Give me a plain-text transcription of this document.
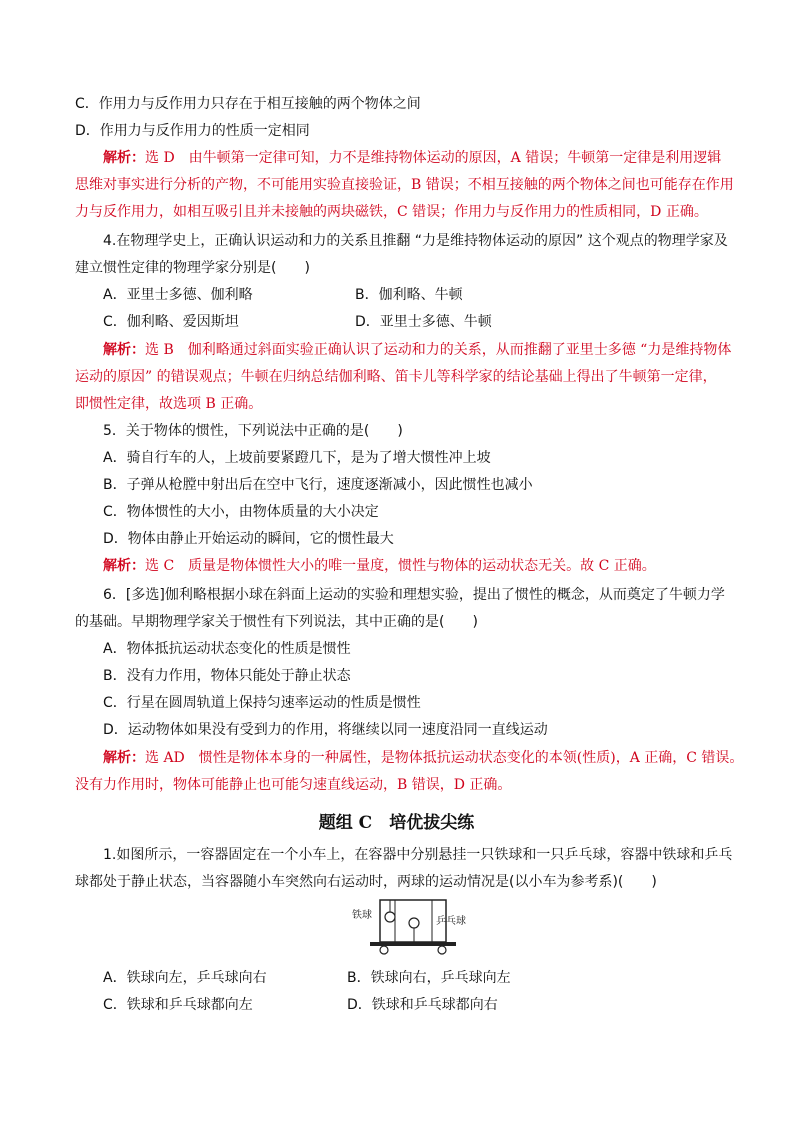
C．作用力与反作用力只存在于相互接触的两个物体之间
D．作用力与反作用力的性质一定相同
解析：选 D　由牛顿第一定律可知，力不是维持物体运动的原因，A 错误；牛顿第一定律是利用逻辑
思维对事实进行分析的产物，不可能用实验直接验证，B 错误；不相互接触的两个物体之间也可能存在作用
力与反作用力，如相互吸引且并未接触的两块磁铁，C 错误；作用力与反作用力的性质相同，D 正确。
4.在物理学史上，正确认识运动和力的关系且推翻 “力是维持物体运动的原因” 这个观点的物理学家及
建立惯性定律的物理学家分别是(　　)
A．亚里士多德、伽利略	B．伽利略、牛顿
C．伽利略、爱因斯坦	D．亚里士多德、牛顿
解析：选 B　伽利略通过斜面实验正确认识了运动和力的关系，从而推翻了亚里士多德 “力是维持物体
运动的原因” 的错误观点；牛顿在归纳总结伽利略、笛卡儿等科学家的结论基础上得出了牛顿第一定律，
即惯性定律，故选项 B 正确。
5．关于物体的惯性，下列说法中正确的是(　　)
A．骑自行车的人，上坡前要紧蹬几下，是为了增大惯性冲上坡
B．子弹从枪膛中射出后在空中飞行，速度逐渐减小，因此惯性也减小
C．物体惯性的大小，由物体质量的大小决定
D．物体由静止开始运动的瞬间，它的惯性最大
解析：选 C　质量是物体惯性大小的唯一量度，惯性与物体的运动状态无关。故 C 正确。
6．[多选]伽利略根据小球在斜面上运动的实验和理想实验，提出了惯性的概念，从而奠定了牛顿力学
的基础。早期物理学家关于惯性有下列说法，其中正确的是(　　)
A．物体抵抗运动状态变化的性质是惯性
B．没有力作用，物体只能处于静止状态
C．行星在圆周轨道上保持匀速率运动的性质是惯性
D．运动物体如果没有受到力的作用，将继续以同一速度沿同一直线运动
解析：选 AD　惯性是物体本身的一种属性，是物体抵抗运动状态变化的本领(性质)，A 正确，C 错误。
没有力作用时，物体可能静止也可能匀速直线运动，B 错误，D 正确。
题组 C　培优拔尖练
1.如图所示，一容器固定在一个小车上，在容器中分别悬挂一只铁球和一只乒乓球，容器中铁球和乒乓
球都处于静止状态，当容器随小车突然向右运动时，两球的运动情况是(以小车为参考系)(　　)
铁球
乒乓球
A．铁球向左，乒乓球向右	B．铁球向右，乒乓球向左
C．铁球和乒乓球都向左	D．铁球和乒乓球都向右
